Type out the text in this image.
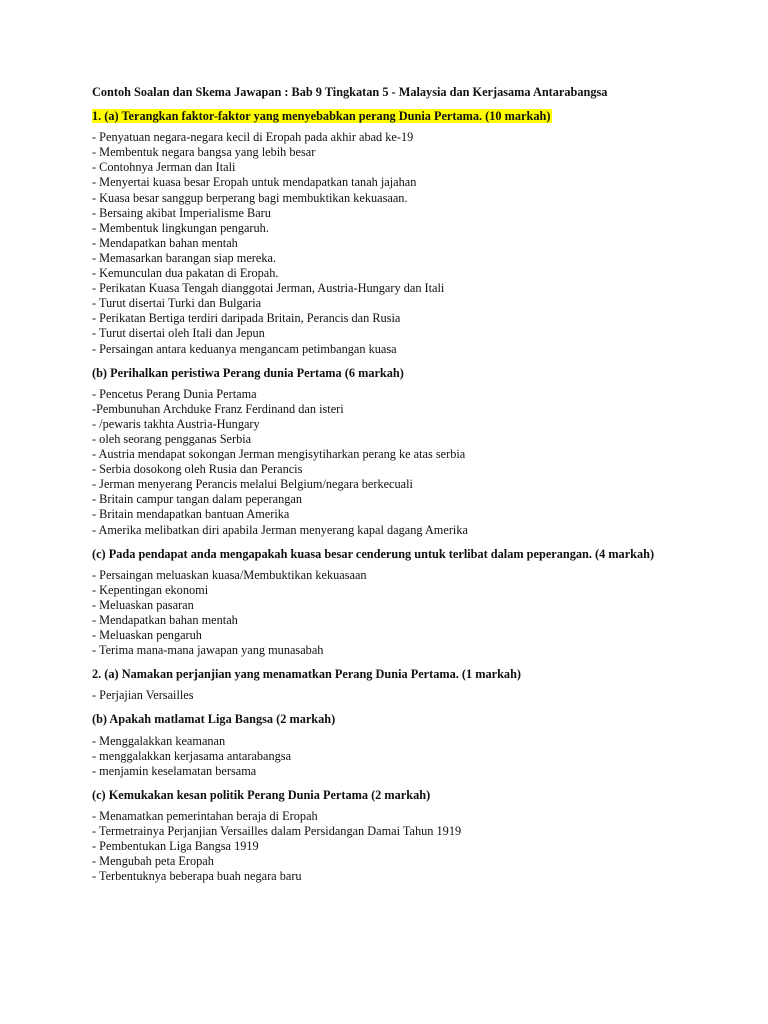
Contoh Soalan dan Skema Jawapan : Bab 9 Tingkatan 5 - Malaysia dan Kerjasama Antarabangsa
1. (a) Terangkan faktor-faktor yang menyebabkan perang Dunia Pertama. (10 markah)
- Penyatuan negara-negara kecil di Eropah pada akhir abad ke-19
- Membentuk negara bangsa yang lebih besar
- Contohnya Jerman dan Itali
- Menyertai kuasa besar Eropah untuk mendapatkan tanah jajahan
- Kuasa besar sanggup berperang bagi membuktikan kekuasaan.
- Bersaing akibat Imperialisme Baru
- Membentuk lingkungan pengaruh.
- Mendapatkan bahan mentah
- Memasarkan barangan siap mereka.
- Kemunculan dua pakatan di Eropah.
- Perikatan Kuasa Tengah dianggotai Jerman, Austria-Hungary dan Itali
- Turut disertai Turki dan Bulgaria
- Perikatan Bertiga terdiri daripada Britain, Perancis dan Rusia
- Turut disertai oleh Itali dan Jepun
- Persaingan antara keduanya mengancam petimbangan kuasa
(b) Perihalkan peristiwa Perang dunia Pertama (6 markah)
- Pencetus Perang Dunia Pertama
-Pembunuhan Archduke Franz Ferdinand dan isteri
- /pewaris takhta Austria-Hungary
- oleh seorang pengganas Serbia
- Austria mendapat sokongan Jerman mengisytiharkan perang ke atas serbia
- Serbia dosokong oleh Rusia dan Perancis
- Jerman menyerang Perancis melalui Belgium/negara berkecuali
- Britain campur tangan dalam peperangan
- Britain mendapatkan bantuan Amerika
- Amerika melibatkan diri apabila Jerman menyerang kapal dagang Amerika
(c) Pada pendapat anda mengapakah kuasa besar cenderung untuk terlibat dalam peperangan. (4 markah)
- Persaingan meluaskan kuasa/Membuktikan kekuasaan
- Kepentingan ekonomi
- Meluaskan pasaran
- Mendapatkan bahan mentah
- Meluaskan pengaruh
- Terima mana-mana jawapan yang munasabah
2. (a) Namakan perjanjian yang menamatkan Perang Dunia Pertama. (1 markah)
- Perjajian Versailles
(b) Apakah matlamat Liga Bangsa (2 markah)
- Menggalakkan keamanan
- menggalakkan kerjasama antarabangsa
- menjamin keselamatan bersama
(c) Kemukakan kesan politik Perang Dunia Pertama (2 markah)
- Menamatkan pemerintahan beraja di Eropah
- Termetrainya Perjanjian Versailles dalam Persidangan Damai Tahun 1919
- Pembentukan Liga Bangsa 1919
- Mengubah peta Eropah
- Terbentuknya beberapa buah negara baru
